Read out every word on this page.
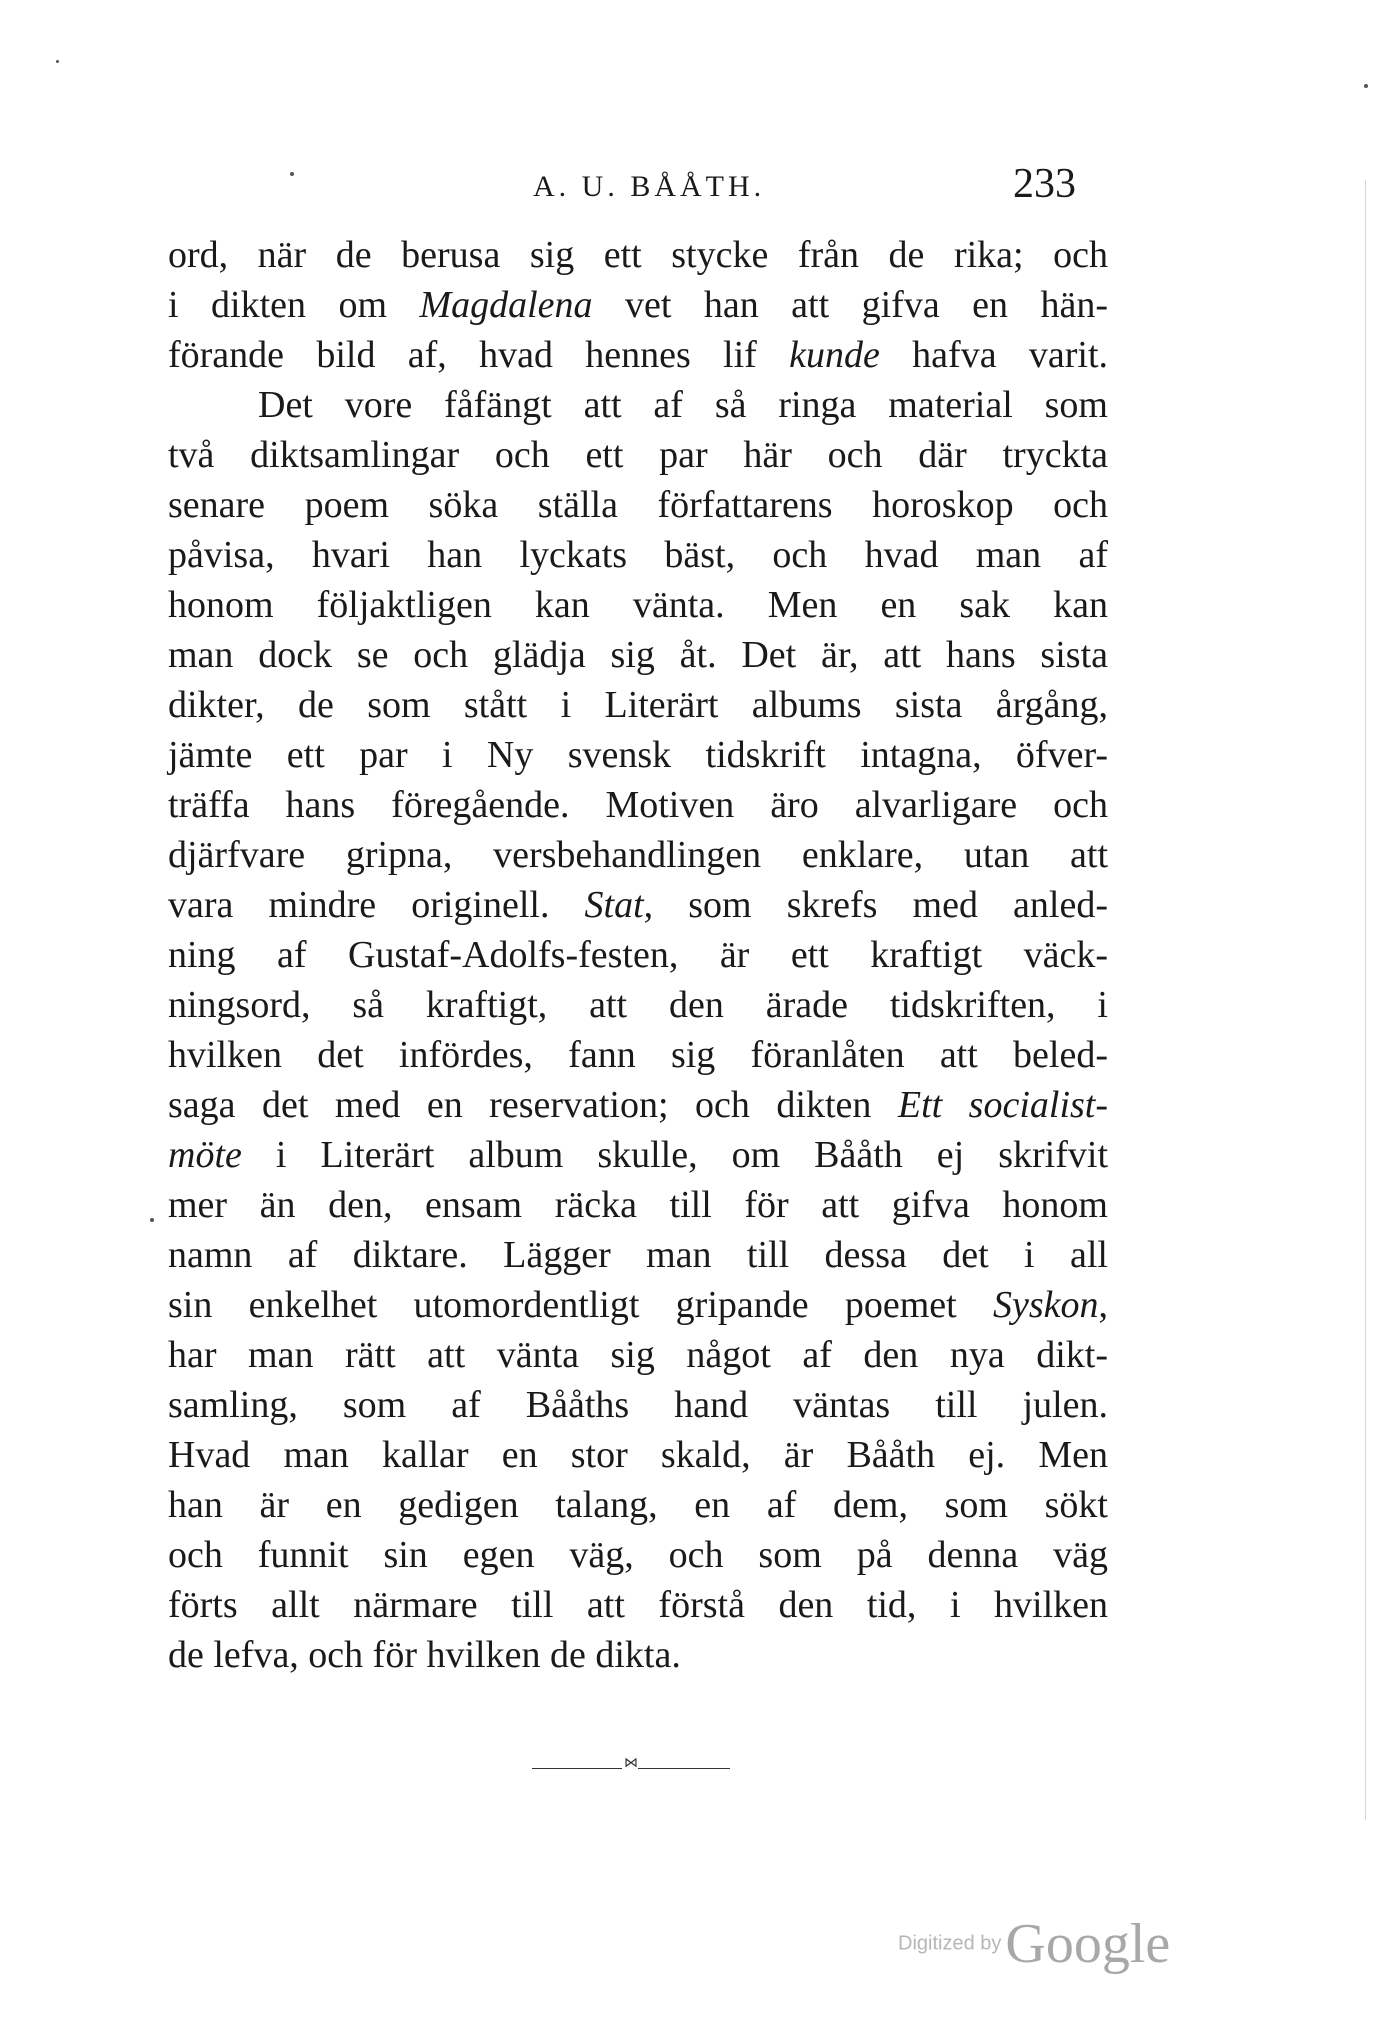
A. U. BÅÅTH.	233
ord, när de berusa sig ett stycke från de rika; och
i dikten om Magdalena vet han att gifva en hän-
förande bild af, hvad hennes lif kunde hafva varit.
Det vore fåfängt att af så ringa material som
två diktsamlingar och ett par här och där tryckta
senare poem söka ställa författarens horoskop och
påvisa, hvari han lyckats bäst, och hvad man af
honom följaktligen kan vänta. Men en sak kan
man dock se och glädja sig åt. Det är, att hans sista
dikter, de som stått i Literärt albums sista årgång,
jämte ett par i Ny svensk tidskrift intagna, öfver-
träffa hans föregående. Motiven äro alvarligare och
djärfvare gripna, versbehandlingen enklare, utan att
vara mindre originell. Stat, som skrefs med anled-
ning af Gustaf-Adolfs-festen, är ett kraftigt väck-
ningsord, så kraftigt, att den ärade tidskriften, i
hvilken det infördes, fann sig föranlåten att beled-
saga det med en reservation; och dikten Ett socialist-
möte i Literärt album skulle, om Bååth ej skrifvit
mer än den, ensam räcka till för att gifva honom
namn af diktare. Lägger man till dessa det i all
sin enkelhet utomordentligt gripande poemet Syskon,
har man rätt att vänta sig något af den nya dikt-
samling, som af Bååths hand väntas till julen.
Hvad man kallar en stor skald, är Bååth ej. Men
han är en gedigen talang, en af dem, som sökt
och funnit sin egen väg, och som på denna väg
förts allt närmare till att förstå den tid, i hvilken
de lefva, och för hvilken de dikta.
⋈
Digitized by Google
